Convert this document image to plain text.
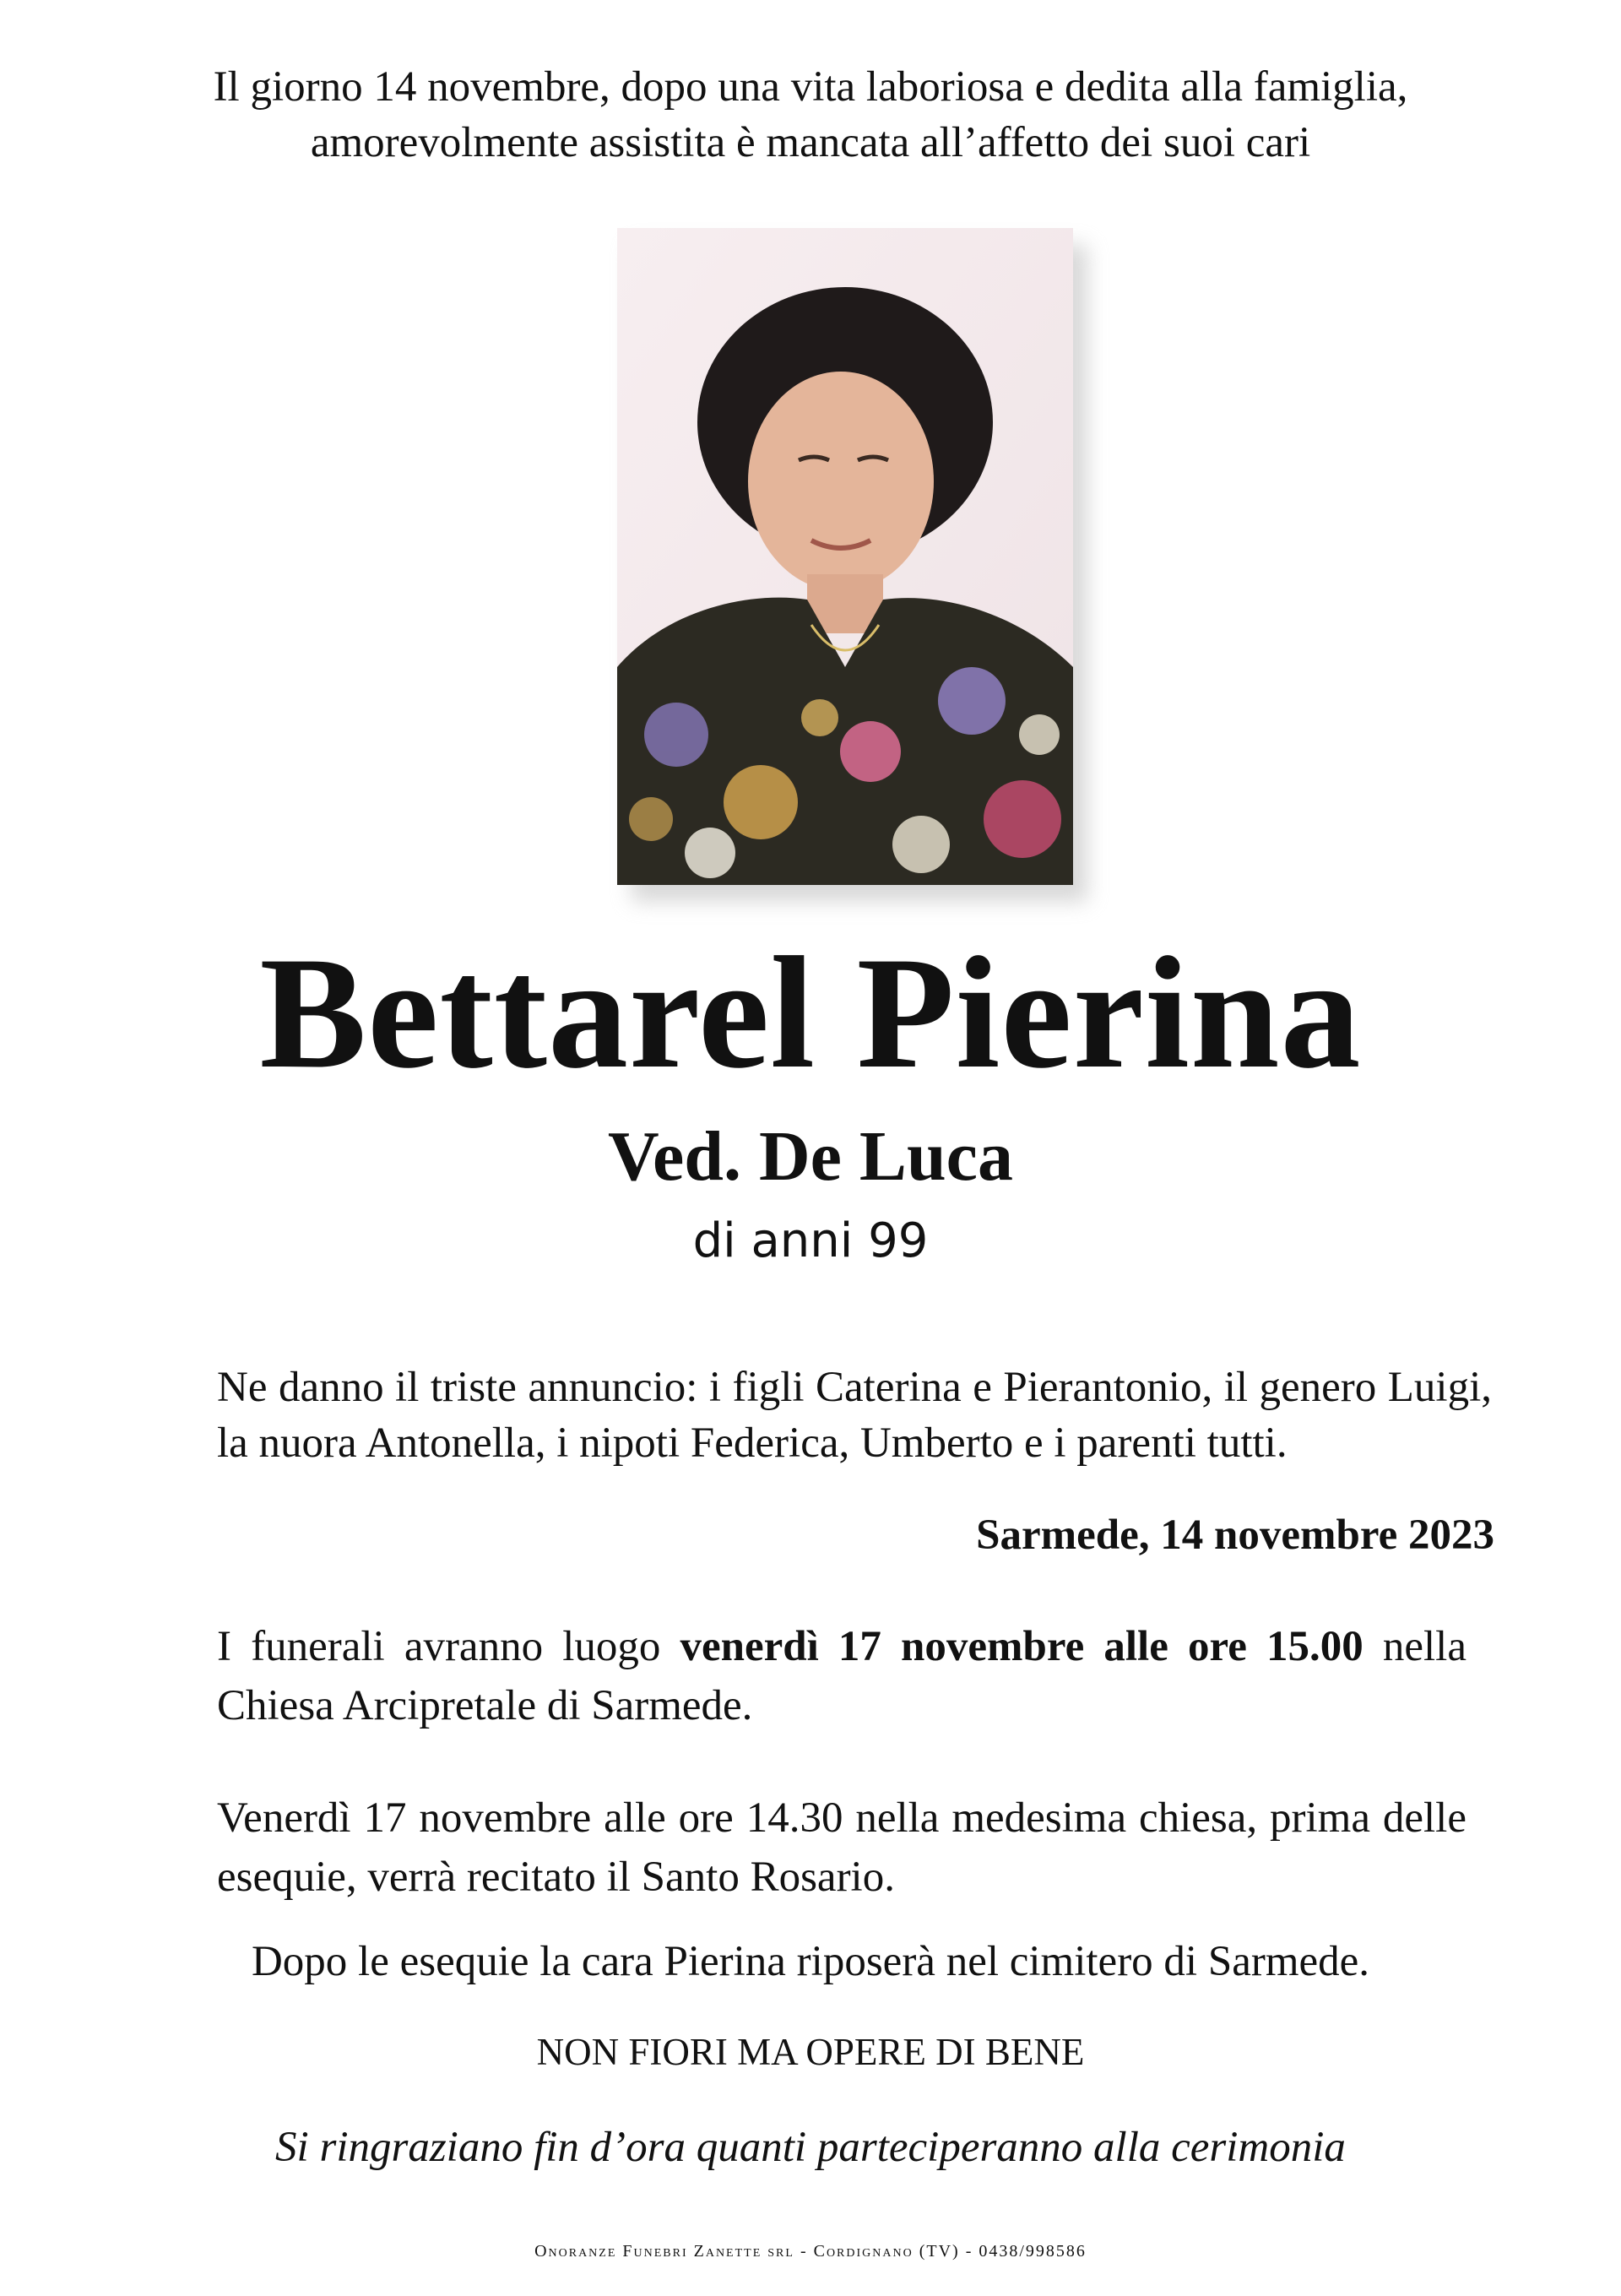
Il giorno 14 novembre, dopo una vita laboriosa e dedita alla famiglia,
amorevolmente assistita è mancata all’affetto dei suoi cari
Bettarel Pierina
Ved. De Luca
di anni 99
Ne danno il triste annuncio: i figli Caterina e Pierantonio, il genero Luigi, la nuora Antonella, i nipoti Federica, Umberto e i parenti tutti.
Sarmede, 14 novembre 2023
I funerali avranno luogo venerdì 17 novembre alle ore 15.00 nella Chiesa Arcipretale di Sarmede.
Venerdì 17 novembre alle ore 14.30 nella medesima chiesa, prima delle esequie, verrà recitato il Santo Rosario.
Dopo le esequie la cara Pierina riposerà nel cimitero di Sarmede.
NON FIORI MA OPERE DI BENE
Si ringraziano fin d’ora quanti parteciperanno alla cerimonia
Onoranze Funebri Zanette srl - Cordignano (TV) - 0438/998586
